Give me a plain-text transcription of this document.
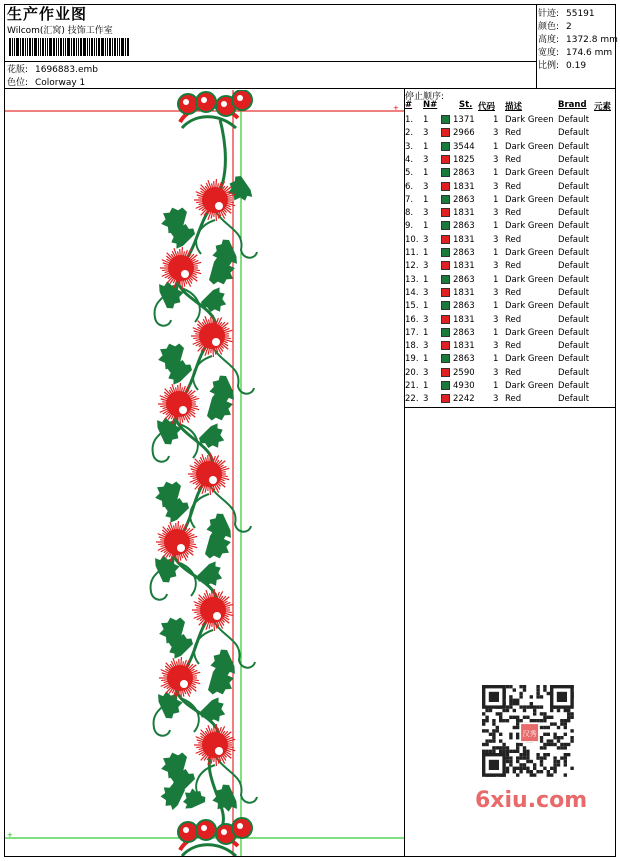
生产作业图
Wilcom(汇窝) 技饰工作室
花版: 1696883.emb
色位: Colorway 1
针迹: 55191
颜色: 2
高度: 1372.8 mm
宽度: 174.6 mm
比例: 0.19
停止顺序:
# N#	St. 代码 描述	Brand 元素
1. 1	1371 1 Dark Green Default
2. 3	2966 3 Red	Default
3. 1	3544 1 Dark Green Default
4. 3	1825 3 Red	Default
5. 1	2863 1 Dark Green Default
6. 3	1831 3 Red	Default
7. 1	2863 1 Dark Green Default
8. 3	1831 3 Red	Default
9. 1	2863 1 Dark Green Default
10. 3	1831 3 Red	Default
11. 1	2863 1 Dark Green Default
12. 3	1831 3 Red	Default
13. 1	2863 1 Dark Green Default
14. 3	1831 3 Red	Default
15. 1	2863 1 Dark Green Default
16. 3	1831 3 Red	Default
17. 1	2863 1 Dark Green Default
18. 3	1831 3 Red	Default
19. 1	2863 1 Dark Green Default
20. 3	2590 3 Red	Default
21. 1	4930 1 Dark Green Default
22. 3	2242 3 Red	Default
+
+
汉秀
6xiu.com
